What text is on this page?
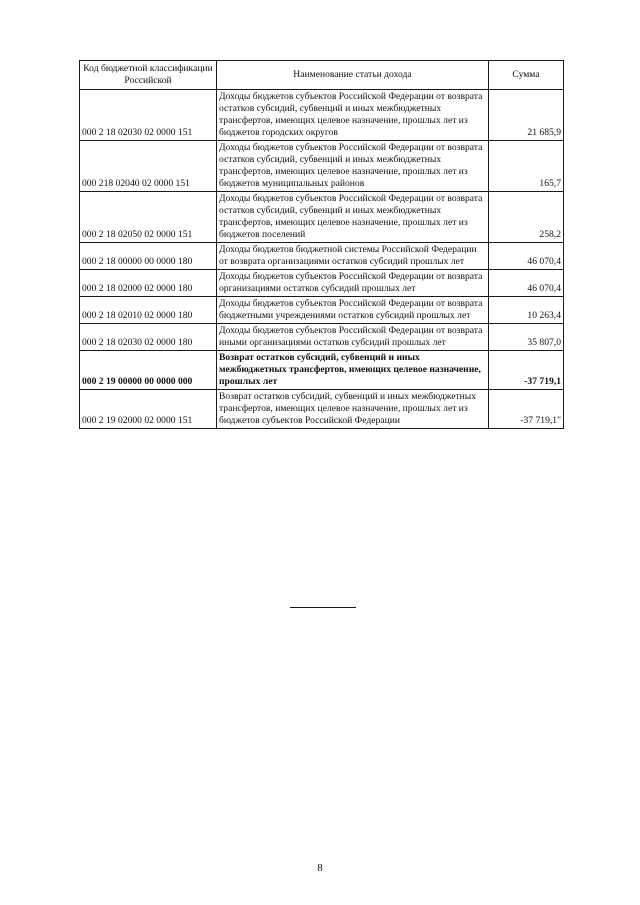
Код бюджетной классификации Российской	Наименование статьи дохода	Сумма
000 2 18 02030 02 0000 151	Доходы бюджетов субъектов Российской Федерации от возврата остатков субсидий, субвенций и иных межбюджетных трансфертов, имеющих целевое назначение, прошлых лет из бюджетов городских округов	21 685,9
000 218 02040 02 0000 151	Доходы бюджетов субъектов Российской Федерации от возврата остатков субсидий, субвенций и иных межбюджетных трансфертов, имеющих целевое назначение, прошлых лет из бюджетов муниципальных районов	165,7
000 2 18 02050 02 0000 151	Доходы бюджетов субъектов Российской Федерации от возврата остатков субсидий, субвенций и иных межбюджетных трансфертов, имеющих целевое назначение, прошлых лет из бюджетов поселений	258,2
000 2 18 00000 00 0000 180	Доходы бюджетов бюджетной системы Российской Федерации от возврата организациями остатков субсидий прошлых лет	46 070,4
000 2 18 02000 02 0000 180	Доходы бюджетов субъектов Российской Федерации от возврата организациями остатков субсидий прошлых лет	46 070,4
000 2 18 02010 02 0000 180	Доходы бюджетов субъектов Российской Федерации от возврата бюджетными учреждениями остатков субсидий прошлых лет	10 263,4
000 2 18 02030 02 0000 180	Доходы бюджетов субъектов Российской Федерации от возврата иными организациями остатков субсидий прошлых лет	35 807,0
000 2 19 00000 00 0000 000	Возврат остатков субсидий, субвенций и иных межбюджетных трансфертов, имеющих целевое назначение, прошлых лет	-37 719,1
000 2 19 02000 02 0000 151	Возврат остатков субсидий, субвенций и иных межбюджетных трансфертов, имеющих целевое назначение, прошлых лет из бюджетов субъектов Российской Федерации	-37 719,1"
8
